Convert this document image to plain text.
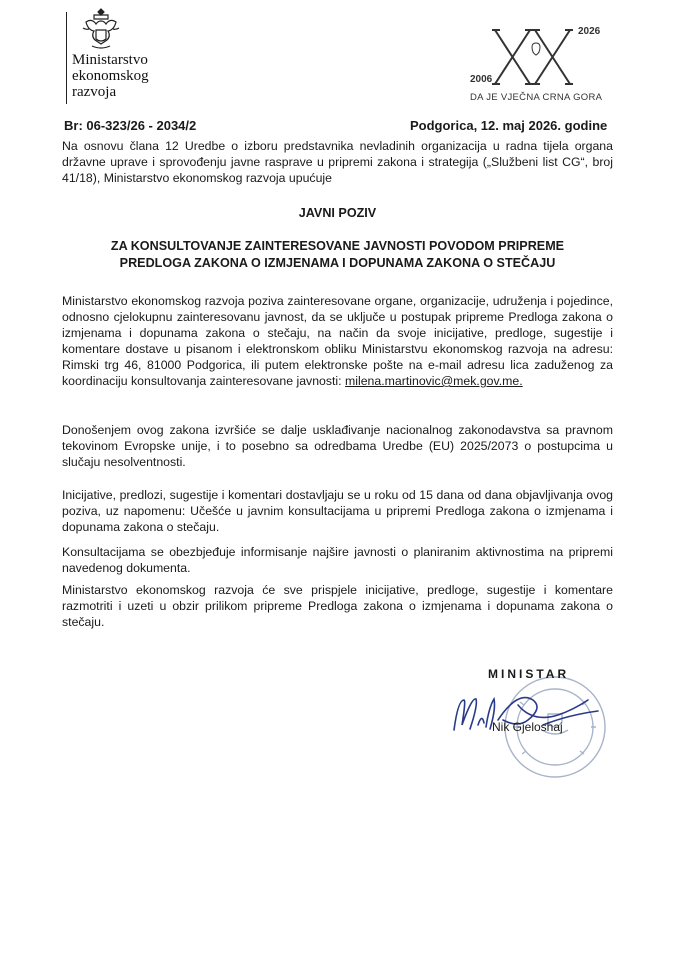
Ministarstvo
ekonomskog
razvoja
2026
2006
DA JE VJEČNA CRNA GORA
Br: 06-323/26 - 2034/2	Podgorica, 12. maj 2026. godine
Na osnovu člana 12 Uredbe o izboru predstavnika nevladinih organizacija u radna tijela organa državne uprave i sprovođenju javne rasprave u pripremi zakona i strategija („Službeni list CG“, broj 41/18), Ministarstvo ekonomskog razvoja upućuje
JAVNI POZIV
ZA KONSULTOVANJE ZAINTERESOVANE JAVNOSTI POVODOM PRIPREME
PREDLOGA ZAKONA O IZMJENAMA I DOPUNAMA ZAKONA O STEČAJU
Ministarstvo ekonomskog razvoja poziva zainteresovane organe, organizacije, udruženja i pojedince, odnosno cjelokupnu zainteresovanu javnost, da se uključe u postupak pripreme Predloga zakona o izmjenama i dopunama zakona o stečaju, na način da svoje inicijative, predloge, sugestije i komentare dostave u pisanom i elektronskom obliku Ministarstvu ekonomskog razvoja na adresu: Rimski trg 46, 81000 Podgorica, ili putem elektronske pošte na e-mail adresu lica zaduženog za koordinaciju konsultovanja zainteresovane javnosti: milena.martinovic@mek.gov.me.
Donošenjem ovog zakona izvršiće se dalje usklađivanje nacionalnog zakonodavstva sa pravnom tekovinom Evropske unije, i to posebno sa odredbama Uredbe (EU) 2025/2073 o postupcima u slučaju nesolventnosti.
Inicijative, predlozi, sugestije i komentari dostavljaju se u roku od 15 dana od dana objavljivanja ovog poziva, uz napomenu: Učešće u javnim konsultacijama u pripremi Predloga zakona o izmjenama i dopunama zakona o stečaju.
Konsultacijama se obezbjeđuje informisanje najšire javnosti o planiranim aktivnostima na pripremi navedenog dokumenta.
Ministarstvo ekonomskog razvoja će sve prispjele inicijative, predloge, sugestije i komentare razmotriti i uzeti u obzir prilikom pripreme Predloga zakona o izmjenama i dopunama zakona o stečaju.
MINISTAR
Nik Gjeloshaj
